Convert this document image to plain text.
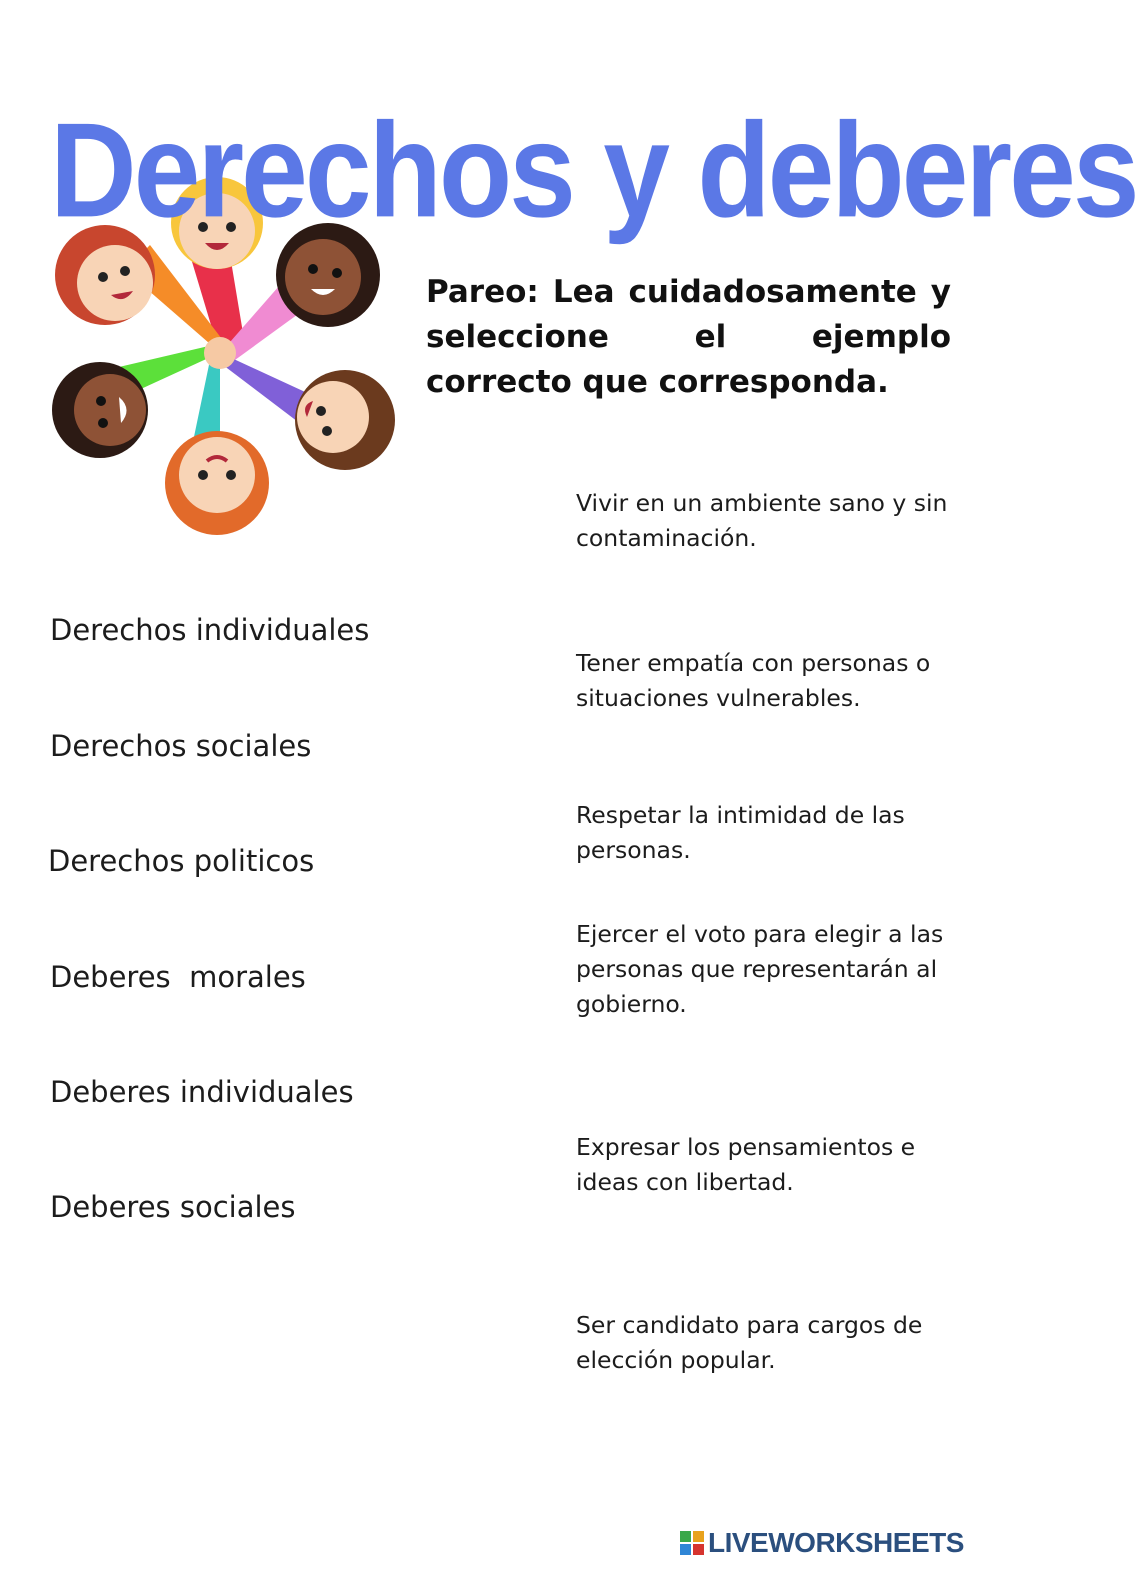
Derechos y deberes
Pareo: Lea cuidadosamente y seleccione el ejemplo correcto que corresponda.
Derechos individuales
Derechos sociales
Derechos politicos
Deberes  morales
Deberes individuales
Deberes sociales
Vivir en un ambiente sano y sin contaminación.
Tener empatía con personas o situaciones vulnerables.
Respetar la intimidad de las personas.
Ejercer el voto para elegir a las personas que representarán al gobierno.
Expresar los pensamientos e ideas con libertad.
Ser candidato para cargos de elección popular.
LIVEWORKSHEETS
